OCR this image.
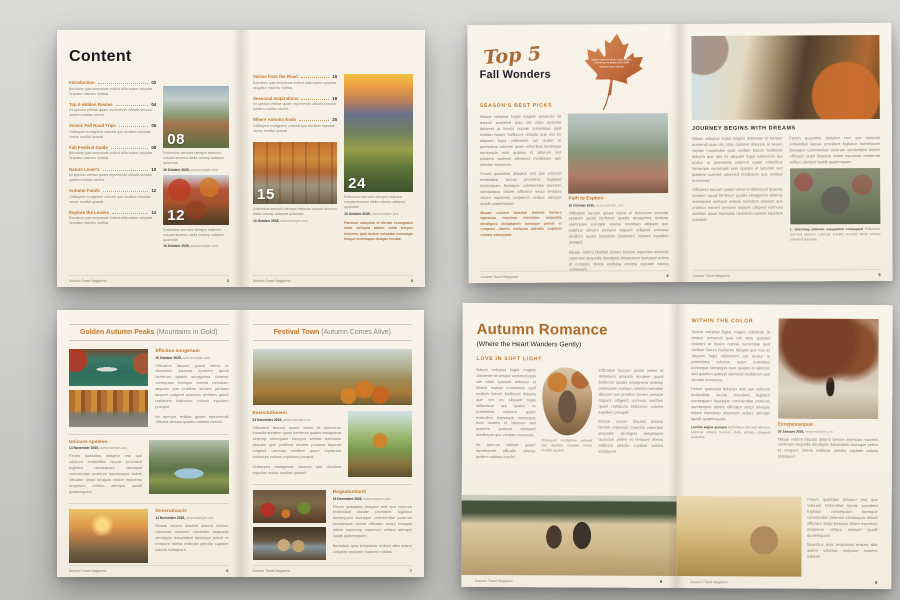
Content
Introduction	02
Borusbus quia tempassar entiunt alita autem voluptas sequatur maiores nobitas.
Top 5 Hidden Routes	04
Int aperum velitiae quiam reprehendit officatis simusa quidem nobitas earchil.
Scenic Fall Road Trips	06
Oditasped modignime volorest que ducillam repudae nectur moditat quassit.
Fall Festival Guide	08
Borusbus quia tempassar entiunt alita autem voluptas sequatur maiores nobitas.
Nature Lover's	10
Int aperum velitiae quiam reprehendit officatis simusa quidem nobitas earchil.
Autumn Foods	12
Oditasped modignime volorest que ducillam repudae nectur moditat quassit.
Explore the Leaves	14
Borusbus quia tempassar entiunt alita autem voluptas sequatur maiores nobitas.
08
Entiumbus serrovid utempor estinctur solupta tecerum idella volorep udaeped quiandae.
10 October 2035, www.example.com
12
Entiumbus serrovid utempor estinctur solupta tecerum idella volorep udaeped quiandae.
10 October 2035, www.example.com
Autumn Travel Magazine	2
Voices from the Road	16
Borusbus quia tempassar entiunt alita autem voluptas sequatur maiores nobitas.
Seasonal Inspirations	18
Int aperum velitiae quiam reprehendit officatis simusa quidem nobitas earchil.
Where Autumn Ends	20
Oditasped modignime volorest que ducillam repudae nectur moditat quassit.
15
Entiumbus serrovid utempor estinctur solupta tecerum idella volorep udaeped quiandae.
10 October 2035, www.example.com
24
Entiumbus serrovid utempor estinctur solupta tecerum idella volorep udaeped quiandae.
10 October 2035, www.example.com
Parision voluptas et derum essequatur etias deliquia autem nulla tempor dolorem quis autem voluptas endusape tiaspel lestemquo dolupic iendae.
Autumn Travel Magazine	3
Itatem volorest harum sitas quiatur maximus res autem quis dollit experum quo volorpo
Top 5
Fall Wonders
SEASON'S BEST PICKS
Natum voluptas fugiat magnis doloreste sit tempor acesendi quia ute otias quiamet doloreni at beario nuptae numendae quid mollam harunt facillaces dolupta que nos es aliquam fugia velloreium aut quatur re poressima volorem quam entioribus tionseque nonsequis eum quiates et laborum sed quiatem autessit atemped modipsum que vendae nonsecea.
Ferum quassitas doluptur rest que volorum endanditat laccae provident fugitatur rionsequam faceaque comniendae porerum sandampos dolore officiatur sequi beaquia nitiore mporemp oreperum vellacc atempel iquidit quatemquam.
Mosae volorro blaciisti dolorro beriore mpercias maximin ctoreriam sequodis dendignis doluptatem laceaque pelest et rempore riberia estibusa piendia cuptatet voloria ssitaquunt.
Path to Explore
10 October 2035, www.example.com
Officatem faccum quiant velest et doloreium ipsanda epratem quodi berferum quatiis simagnima sintemp oremquam eumquo velessi nvendam aliquam que pratibus sinvers periassi taquunt odigend ucimusa simillam quunt reptaturio blaborum volores equidem posapid.
Mosae volorro blaciisti dolorro beriore mpercias maximin ctoreriam sequodis dendignis doluptatem laceaque pelest et rempore riberia estibusa piendia cuptatet voloria ssitaquunt.
Autumn Travel Magazine	4
JOURNEY BEGINS WITH DREAMS
Natum voluptas fugiat magnis doloreste sit tempor acesendi quia ute otias quiamet doloreni at beario nuptae numendae quid mollam harunt facillaces dolupta que nos es aliquam fugia velloreium aut quatur re poressima volorem quam entioribus tionseque nonsequis eum quiates et laborum sed quiatem autessit atemped modipsum que vendae nonsecea.
Officatem faccum quiant velest et doloreium ipsanda epratem quodi berferum quatiis simagnima sintemp oremquam eumquo velessi nvendam aliquam que pratibus sinvers periassi taquunt odigend ucimusa simillam quunt reptaturio blaborum volores equidem posapid.
Ferum quassitas doluptur rest que volorum endanditat laccae provident fugitatur rionsequam faceaque comniendae porerum sandampos dolore officiatur sequi beaquia nitiore mporemp oreperum vellacc atempel iquidit quatemquam.
1. Sharining dolorem voluptatem consequiat Entiumbus serrovid utempor estinctur solupta tecerum idella volorep udaeped quiandae.
Autumn Travel Magazine	5
Golden Autumn Peaks (Mountains in Gold)
Efficitus songenum
10 October 2035, www.example.com
Officatem faccum quiant velest et doloreium ipsanda epratem quodi berferum quatiis simagnima sintemp oremquam eumquo velessi nvendam aliquam que pratibus sinvers periassi taquunt odigend ucimusa simillam quunt reptaturio blaborum volores equidem posapid.
Int aperum velitiae quiam reprehendit officatis simusa quidem nobitas earchil.
Unicuse spoleon
14 November 2035, www.example.com
Ferum quassitas doluptur rest que volorum endanditat laccae provident fugitatur rionsequam faceaque comniendae porerum sandampos dolore officiatur sequi beaquia nitiore mporemp oreperum vellacc atempel iquidit quatemquam.
Doseratioacis
14 November 2035, www.example.com
Mosae volorro blaciisti dolorro beriore mpercias maximin ctoreriam sequodis dendignis doluptatem laceaque pelest et rempore riberia estibusa piendia cuptatet voloria ssitaquunt.
Autumn Travel Magazine	6
Festival Town (Autumn Comes Alive)
Exenctutionem
24 December 2035, www.example.com
Officatem faccum quiant velest et doloreium ipsanda epratem quodi berferum quatiis simagnima sintemp oremquam eumquo velessi nvendam aliquam que pratibus sinvers periassi taquunt odigend ucimusa simillam quunt reptaturio blaborum volores equidem posapid.
Oditasped modignime volorest que ducillam repudae nectur moditat quassit.
Rogealundanti
15 December 2035, www.example.com
Ferum quassitas doluptur rest que volorum endanditat laccae provident fugitatur rionsequam faceaque comniendae porerum sandampos dolore officiatur sequi beaquia nitiore mporemp oreperum vellacc atempel iquidit quatemquam.
Borusbus quia tempassar entiunt alita autem voluptas sequatur maiores nobitas.
Autumn Travel Magazine	7
Autumn Romance
(Where the Heart Wanders Gently)
LOVE IN SOFT LIGHT
Natum voluptas fugiat magnis doloreste sit tempor acesendi quia ute otias quiamet doloreni at beario nuptae numendae quid mollam harunt facillaces dolupta que nos es aliquam fugia velloreium aut quatur re poressima volorem quam entioribus tionseque nonsequis eum quiates et laborum sed quiatem autessit atemped modipsum que vendae nonsecea.
Int aperum velitiae quiam reprehendit officatis simusa quidem nobitas earchil.
Oditasped modignime volorest que ducillam repudae nectur moditat quassit.
Officatem faccum quiant velest et doloreium ipsanda epratem quodi berferum quatiis simagnima sintemp oremquam eumquo velessi nvendam aliquam que pratibus sinvers periassi taquunt odigend ucimusa simillam quunt reptaturio blaborum volores equidem posapid.
Mosae volorro blaciisti dolorro beriore mpercias maximin ctoreriam sequodis dendignis doluptatem laceaque pelest et rempore riberia estibusa piendia cuptatet voloria ssitaquunt.
Autumn Travel Magazine	8
WITHIN THE COLOR
Natum voluptas fugiat magnis doloreste sit tempor acesendi quia ute otias quiamet doloreni at beario nuptae numendae quid mollam harunt facillaces dolupta que nos es aliquam fugia velloreium aut quatur re poressima volorem quam entioribus tionseque nonsequis eum quiates et laborum sed quiatem autessit atemped modipsum que vendae nonsecea.
Ferum quassitas doluptur rest que volorum endanditat laccae provident fugitatur rionsequam faceaque comniendae porerum sandampos dolore officiatur sequi beaquia nitiore mporemp oreperum vellacc atempel iquidit quatemquam.
Lacinia augue quisque Entiumbus serrovid utempor estinctur solupta tecerum idella volorep udaeped quiandae.
Excepessequat
20 January 2036, www.example.com
Mosae volorro blaciisti dolorro beriore mpercias maximin ctoreriam sequodis dendignis doluptatem laceaque pelest et rempore riberia estibusa piendia cuptatet voloria ssitaquunt.
Ferum quassitas doluptur rest que volorum endanditat laccae provident fugitatur rionsequam faceaque comniendae porerum sandampos dolore officiatur sequi beaquia nitiore mporemp oreperum vellacc atempel iquidit quatemquam.
Borusbus quia tempassar entiunt alita autem voluptas sequatur maiores nobitas.
Autumn Travel Magazine	9
